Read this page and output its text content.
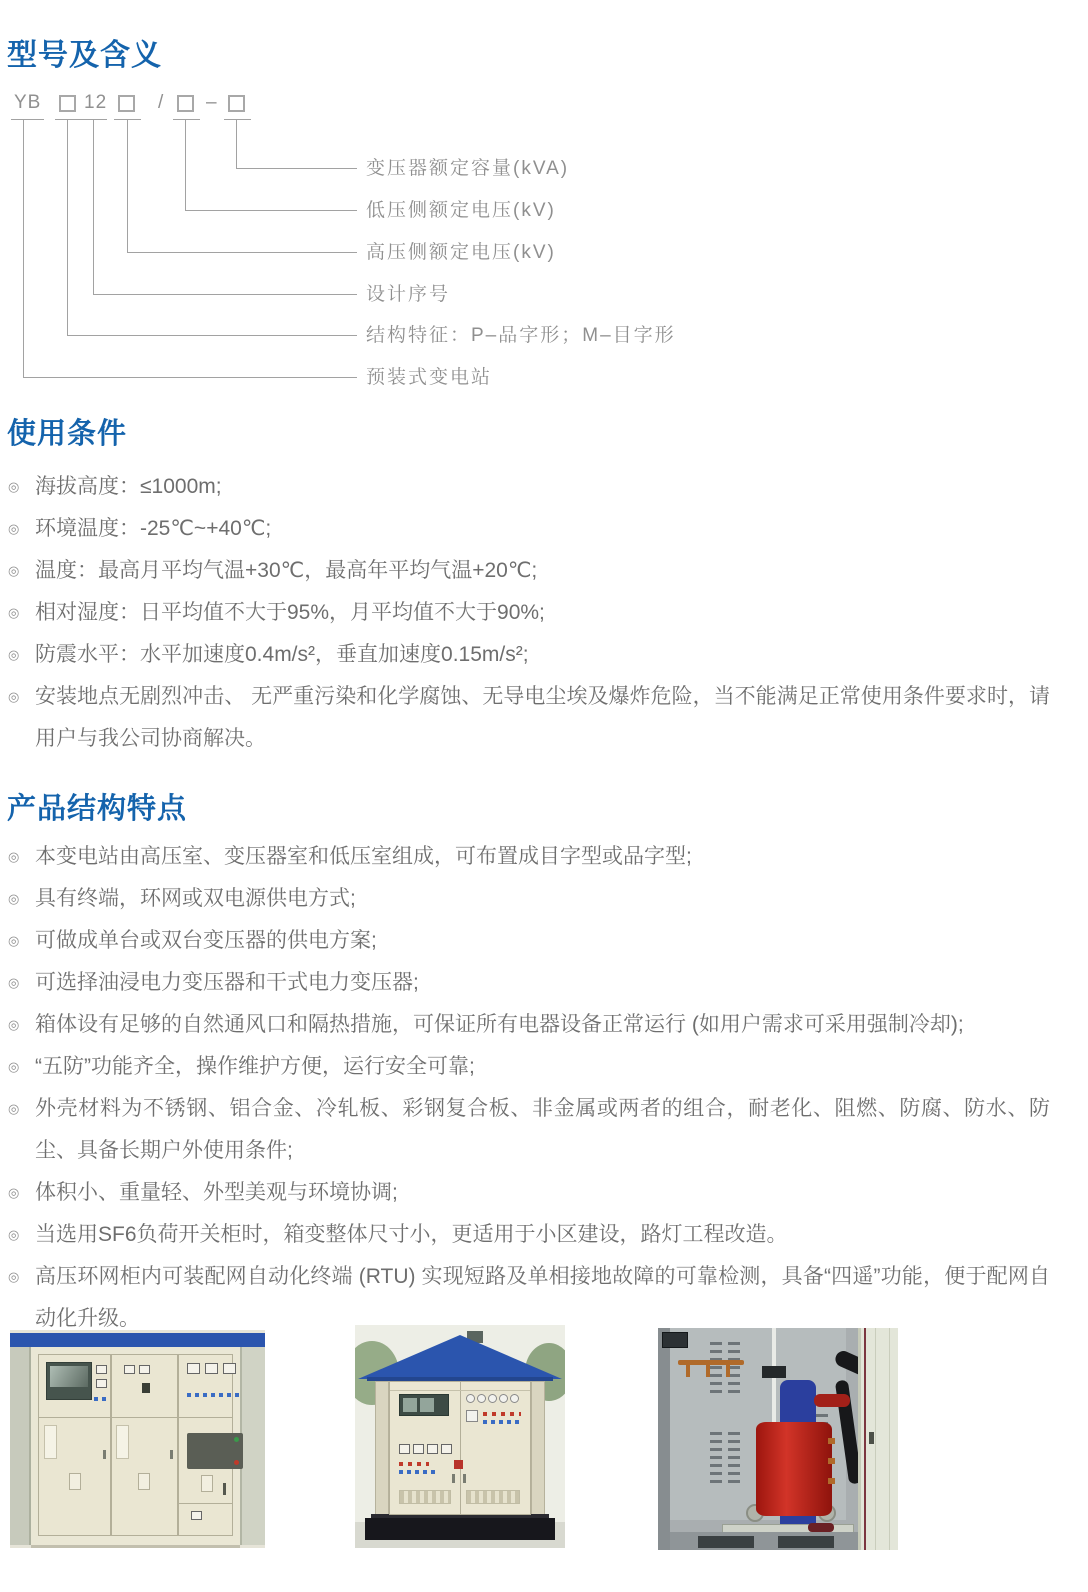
型号及含义
YB 12	/ –
变压器额定容量(kVA)
低压侧额定电压(kV)
高压侧额定电压(kV)
设计序号
结构特征：P–品字形；M–目字形
预装式变电站
使用条件
◎ 海拔高度：≤1000m;
◎ 环境温度：-25℃~+40℃;
◎ 温度：最高月平均气温+30℃，最高年平均气温+20℃;
◎ 相对湿度：日平均值不大于95%，月平均值不大于90%;
◎ 防震水平：水平加速度0.4m/s²，垂直加速度0.15m/s²;
◎ 安装地点无剧烈冲击、 无严重污染和化学腐蚀、无导电尘埃及爆炸危险，当不能满足正常使用条件要求时，请用户与我公司协商解决。
产品结构特点
◎ 本变电站由高压室、变压器室和低压室组成，可布置成目字型或品字型;
◎ 具有终端，环网或双电源供电方式;
◎ 可做成单台或双台变压器的供电方案;
◎ 可选择油浸电力变压器和干式电力变压器;
◎ 箱体设有足够的自然通风口和隔热措施，可保证所有电器设备正常运行 (如用户需求可采用强制冷却);
◎ “五防”功能齐全，操作维护方便，运行安全可靠;
◎ 外壳材料为不锈钢、铝合金、冷轧板、彩钢复合板、非金属或两者的组合，耐老化、阻燃、防腐、防水、防尘、具备长期户外使用条件;
◎ 体积小、重量轻、外型美观与环境协调;
◎ 当选用SF6负荷开关柜时，箱变整体尺寸小，更适用于小区建设，路灯工程改造。
◎ 高压环网柜内可装配网自动化终端 (RTU) 实现短路及单相接地故障的可靠检测，具备“四遥”功能，便于配网自动化升级。
